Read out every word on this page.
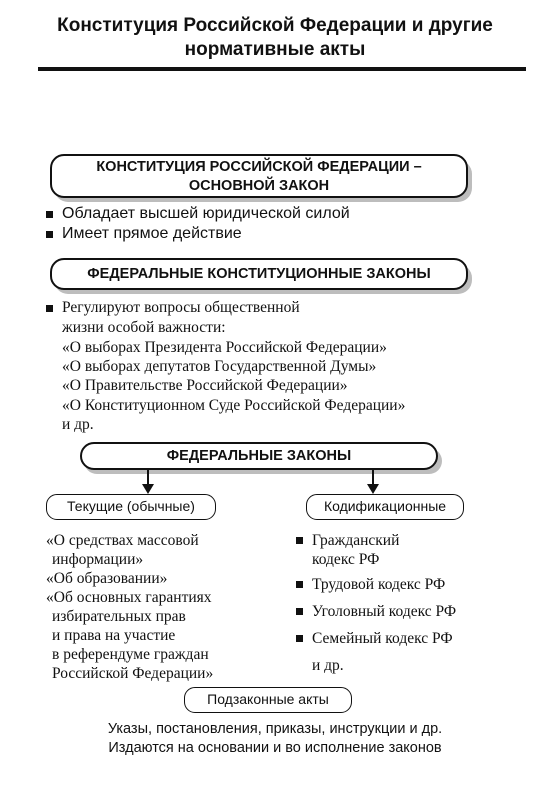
Конституция Российской Федерации и другие
нормативные акты
КОНСТИТУЦИЯ РОССИЙСКОЙ ФЕДЕРАЦИИ –
ОСНОВНОЙ ЗАКОН
Обладает высшей юридической силой
Имеет прямое действие
ФЕДЕРАЛЬНЫЕ КОНСТИТУЦИОННЫЕ ЗАКОНЫ
Регулируют вопросы общественной
жизни особой важности:
«О выборах Президента Российской Федерации»
«О выборах депутатов Государственной Думы»
«О Правительстве Российской Федерации»
«О Конституционном Суде Российской Федерации»
и др.
ФЕДЕРАЛЬНЫЕ ЗАКОНЫ
Текущие (обычные)
«О средствах массовой
информации»
«Об образовании»
«Об основных гарантиях
избирательных прав
и права на участие
в референдуме граждан
Российской Федерации»
Кодификационные
Гражданский
кодекс РФ
Трудовой кодекс РФ
Уголовный кодекс РФ
Семейный кодекс РФ
и др.
Подзаконные акты
Указы, постановления, приказы, инструкции и др.
Издаются на основании и во исполнение законов
